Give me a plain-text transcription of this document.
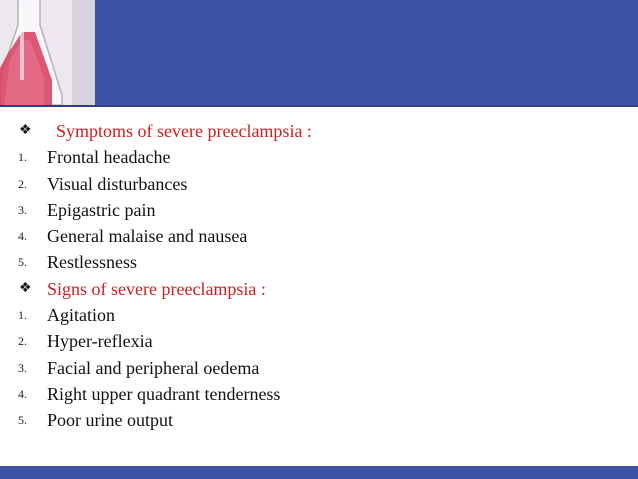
❖	Symptoms of severe preeclampsia :
1.	Frontal headache
2.	Visual disturbances
3.	Epigastric pain
4.	General malaise and nausea
5.	Restlessness
❖ Signs of severe preeclampsia :
1.	Agitation
2.	Hyper-reflexia
3.	Facial and peripheral oedema
4.	Right upper quadrant tenderness
5.	Poor urine output
